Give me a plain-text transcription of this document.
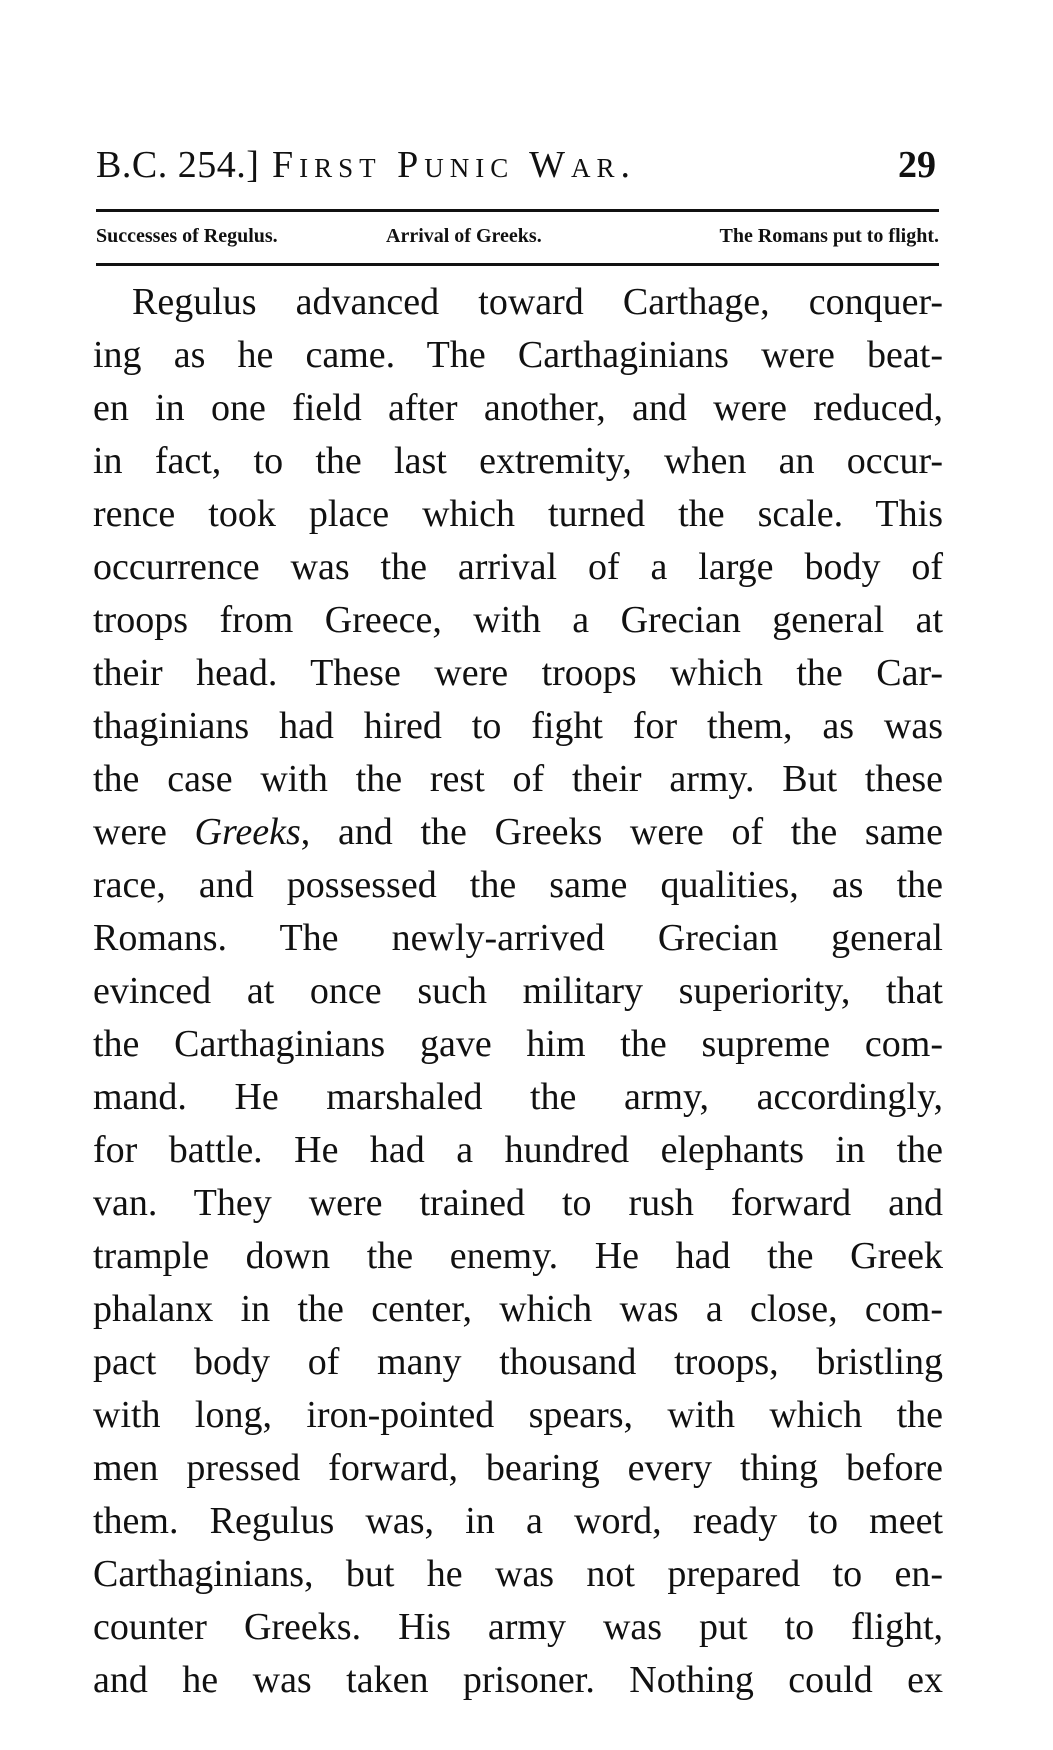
B.C. 254.] First Punic War.	29
Successes of Regulus.	Arrival of Greeks.	The Romans put to flight.
Regulus advanced toward Carthage, conquer-
ing as he came. The Carthaginians were beat-
en in one field after another, and were reduced,
in fact, to the last extremity, when an occur-
rence took place which turned the scale. This
occurrence was the arrival of a large body of
troops from Greece, with a Grecian general at
their head. These were troops which the Car-
thaginians had hired to fight for them, as was
the case with the rest of their army. But these
were Greeks, and the Greeks were of the same
race, and possessed the same qualities, as the
Romans. The newly-arrived Grecian general
evinced at once such military superiority, that
the Carthaginians gave him the supreme com-
mand. He marshaled the army, accordingly,
for battle. He had a hundred elephants in the
van. They were trained to rush forward and
trample down the enemy. He had the Greek
phalanx in the center, which was a close, com-
pact body of many thousand troops, bristling
with long, iron-pointed spears, with which the
men pressed forward, bearing every thing before
them. Regulus was, in a word, ready to meet
Carthaginians, but he was not prepared to en-
counter Greeks. His army was put to flight,
and he was taken prisoner. Nothing could ex
